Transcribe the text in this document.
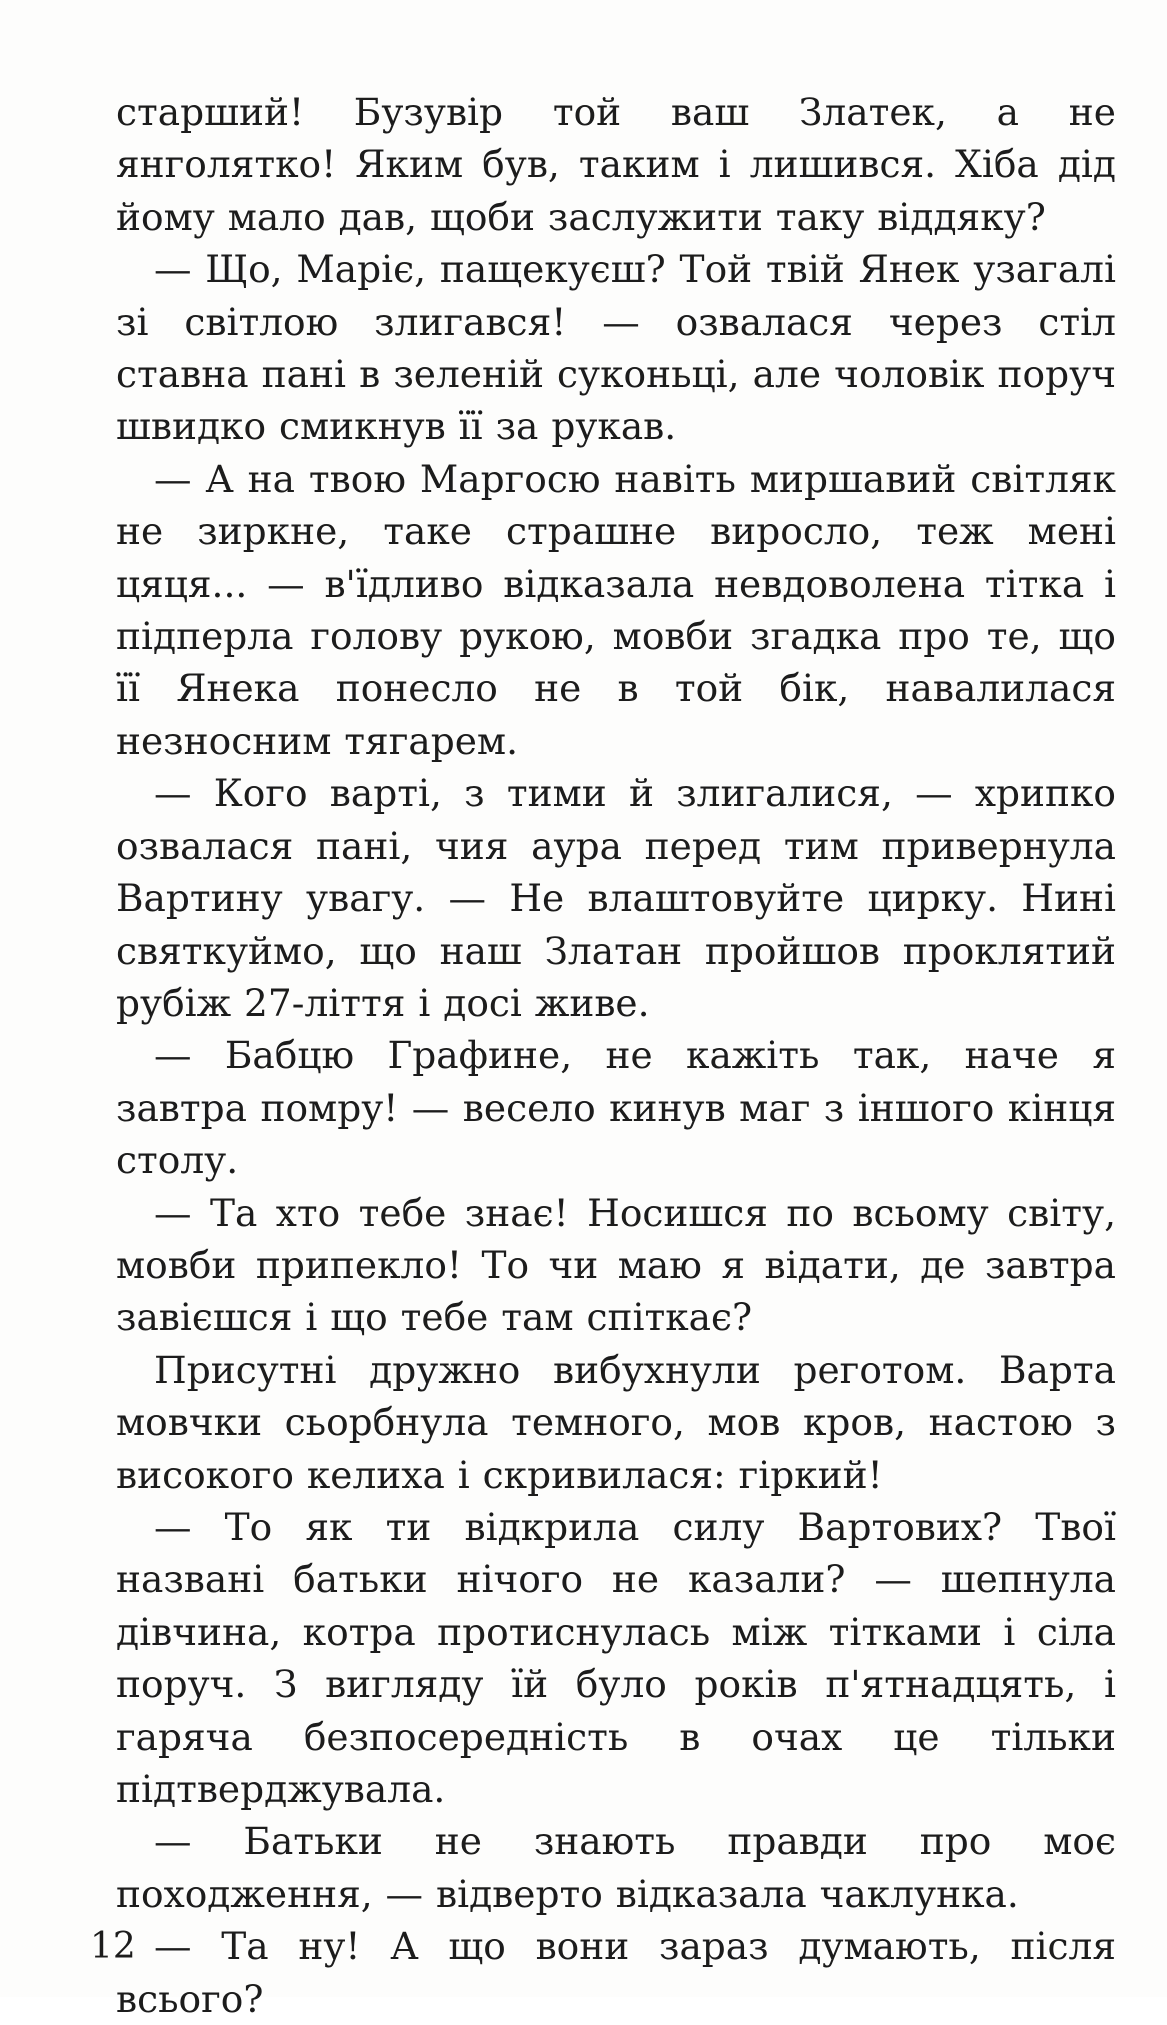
старший! Бузувір той ваш Златек, а не янголятко! Яким був, таким і лишився. Хіба дід йому мало дав, щоби заслужити таку віддяку?

— Що, Маріє, пащекуєш? Той твій Янек узагалі зі світлою злигався! — озвалася через стіл ставна пані в зеленій суконьці, але чоловік поруч швидко смикнув її за рукав.

— А на твою Маргосю навіть миршавий світляк не зиркне, таке страшне виросло, теж мені цяця... — в'їдливо відказала невдоволена тітка і підперла голову рукою, мовби згадка про те, що її Янека понесло не в той бік, навалилася незносним тягарем.

— Кого варті, з тими й злигалися, — хрипко озвалася пані, чия аура перед тим привернула Вартину увагу. — Не влаштовуйте цирку. Нині святкуймо, що наш Златан пройшов проклятий рубіж 27-ліття і досі живе.

— Бабцю Графине, не кажіть так, наче я завтра помру! — весело кинув маг з іншого кінця столу.

— Та хто тебе знає! Носишся по всьому світу, мовби припекло! То чи маю я відати, де завтра завієшся і що тебе там спіткає?

Присутні дружно вибухнули реготом. Варта мовчки сьорбнула темного, мов кров, настою з високого келиха і скривилася: гіркий!

— То як ти відкрила силу Вартових? Твої названі батьки нічого не казали? — шепнула дівчина, котра протиснулась між тітками і сіла поруч. З вигляду їй було років п'ятнадцять, і гаряча безпосередність в очах це тільки підтверджувала.

— Батьки не знають правди про моє походження, — відверто відказала чаклунка.

— Та ну! А що вони зараз думають, після всього?

12
